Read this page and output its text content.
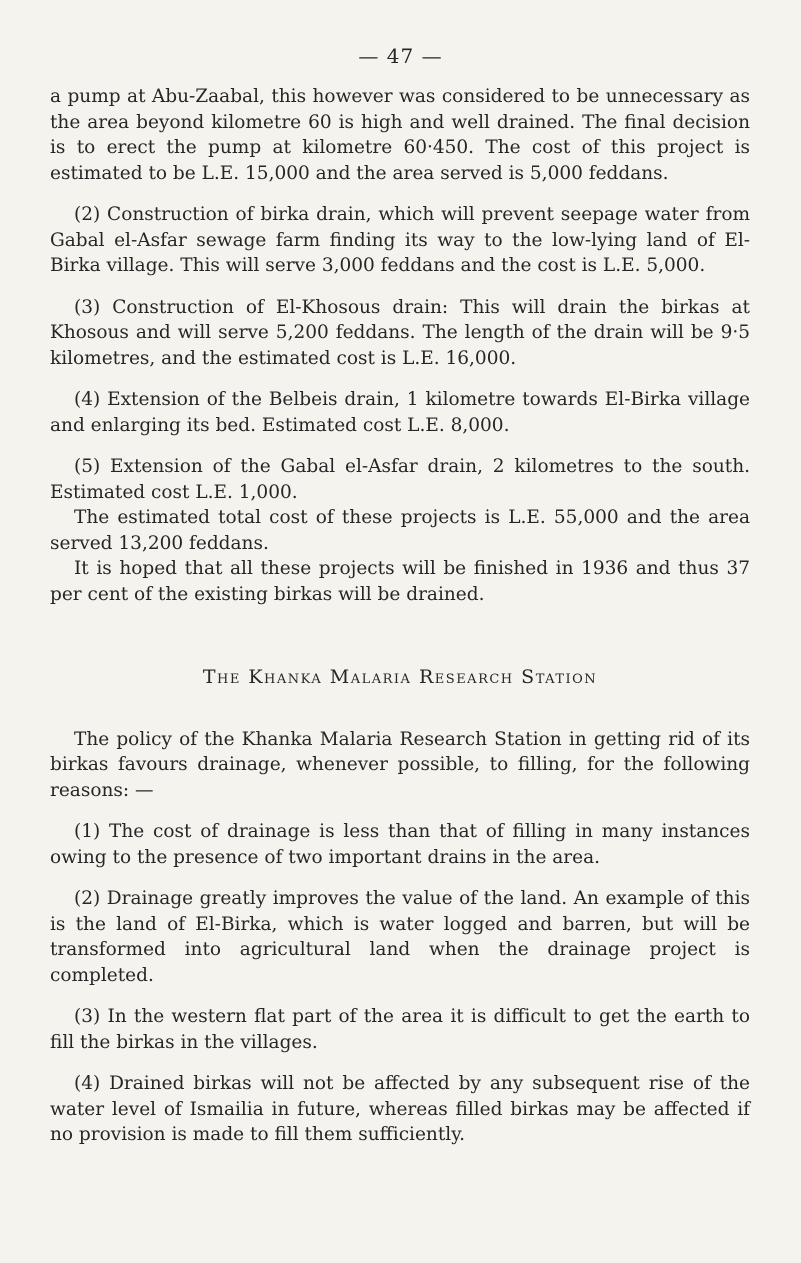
— 47 —

a pump at Abu-Zaabal, this however was considered to be unnecessary as the area beyond kilometre 60 is high and well drained. The final decision is to erect the pump at kilometre 60·450. The cost of this project is estimated to be L.E. 15,000 and the area served is 5,000 feddans.

(2) Construction of birka drain, which will prevent seepage water from Gabal el-Asfar sewage farm finding its way to the low-lying land of El-Birka village. This will serve 3,000 feddans and the cost is L.E. 5,000.

(3) Construction of El-Khosous drain: This will drain the birkas at Khosous and will serve 5,200 feddans. The length of the drain will be 9·5 kilometres, and the estimated cost is L.E. 16,000.

(4) Extension of the Belbeis drain, 1 kilometre towards El-Birka village and enlarging its bed. Estimated cost L.E. 8,000.

(5) Extension of the Gabal el-Asfar drain, 2 kilometres to the south. Estimated cost L.E. 1,000.

The estimated total cost of these projects is L.E. 55,000 and the area served 13,200 feddans.

It is hoped that all these projects will be finished in 1936 and thus 37 per cent of the existing birkas will be drained.

The Khanka Malaria Research Station

The policy of the Khanka Malaria Research Station in getting rid of its birkas favours drainage, whenever possible, to filling, for the following reasons: —

(1) The cost of drainage is less than that of filling in many instances owing to the presence of two important drains in the area.

(2) Drainage greatly improves the value of the land. An example of this is the land of El-Birka, which is water logged and barren, but will be transformed into agricultural land when the drainage project is completed.

(3) In the western flat part of the area it is difficult to get the earth to fill the birkas in the villages.

(4) Drained birkas will not be affected by any subsequent rise of the water level of Ismailia in future, whereas filled birkas may be affected if no provision is made to fill them sufficiently.
